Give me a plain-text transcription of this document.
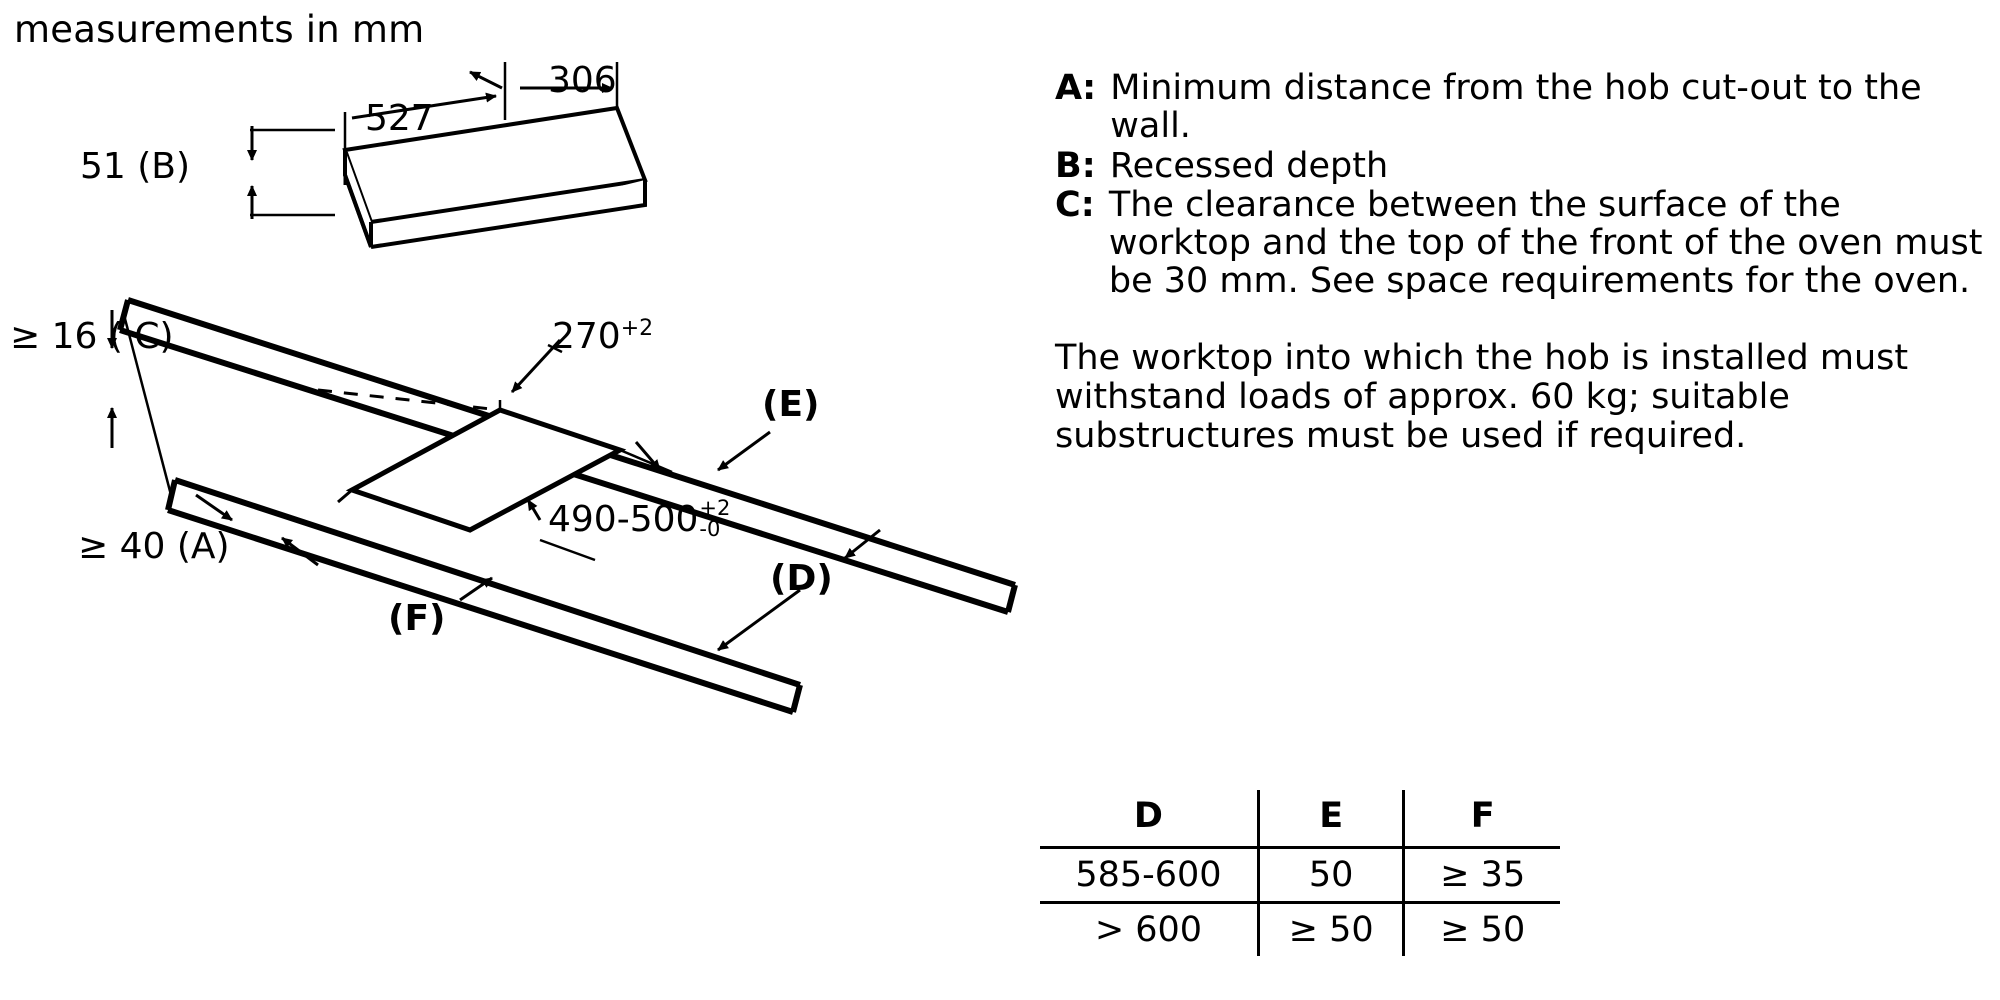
measurements in mm
306
527
51 (B)
≥ 16 ( C)	$270^{+2}$
(E)
490-500 +2
-0
≥ 40 (A)
(F)
(D)
A : Minimum distance from the hob cut-out to the wall.
B : Recessed depth
C : The clearance between the surface of the worktop and the top of the front of the oven must be 30 mm. See space requirements for the oven.
The worktop into which the hob is installed must withstand loads of approx. 60 kg; suitable substructures must be used if required.
D	E	F
585-600	50	≥ 35
> 600	≥ 50	≥ 50
